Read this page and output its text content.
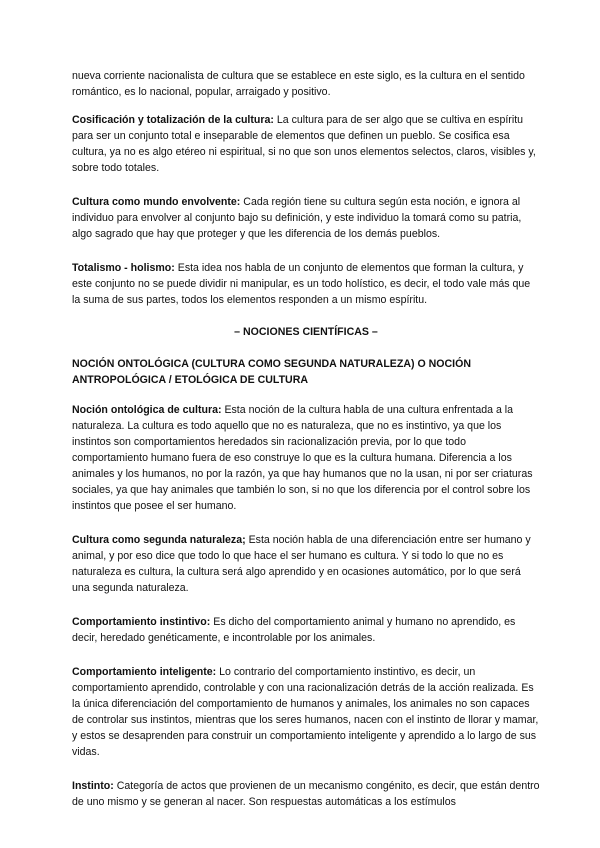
nueva corriente nacionalista de cultura que se establece en este siglo, es la cultura en el sentido romántico, es lo nacional, popular, arraigado y positivo.

Cosificación y totalización de la cultura: La cultura para de ser algo que se cultiva en espíritu para ser un conjunto total e inseparable de elementos que definen un pueblo. Se cosifica esa cultura, ya no es algo etéreo ni espiritual, si no que son unos elementos selectos, claros, visibles y, sobre todo totales.

Cultura como mundo envolvente: Cada región tiene su cultura según esta noción, e ignora al individuo para envolver al conjunto bajo su definición, y este individuo la tomará como su patria, algo sagrado que hay que proteger y que les diferencia de los demás pueblos.

Totalismo - holismo: Esta idea nos habla de un conjunto de elementos que forman la cultura, y este conjunto no se puede dividir ni manipular, es un todo holístico, es decir, el todo vale más que la suma de sus partes, todos los elementos responden a un mismo espíritu.

– NOCIONES CIENTÍFICAS –
NOCIÓN ONTOLÓGICA (CULTURA COMO SEGUNDA NATURALEZA) O NOCIÓN ANTROPOLÓGICA / ETOLÓGICA DE CULTURA

Noción ontológica de cultura: Esta noción de la cultura habla de una cultura enfrentada a la naturaleza. La cultura es todo aquello que no es naturaleza, que no es instintivo, ya que los instintos son comportamientos heredados sin racionalización previa, por lo que todo comportamiento humano fuera de eso construye lo que es la cultura humana. Diferencia a los animales y los humanos, no por la razón, ya que hay humanos que no la usan, ni por ser criaturas sociales, ya que hay animales que también lo son, si no que los diferencia por el control sobre los instintos que posee el ser humano.

Cultura como segunda naturaleza; Esta noción habla de una diferenciación entre ser humano y animal, y por eso dice que todo lo que hace el ser humano es cultura. Y si todo lo que no es naturaleza es cultura, la cultura será algo aprendido y en ocasiones automático, por lo que será una segunda naturaleza.

Comportamiento instintivo: Es dicho del comportamiento animal y humano no aprendido, es decir, heredado genéticamente, e incontrolable por los animales.

Comportamiento inteligente: Lo contrario del comportamiento instintivo, es decir, un comportamiento aprendido, controlable y con una racionalización detrás de la acción realizada. Es la única diferenciación del comportamiento de humanos y animales, los animales no son capaces de controlar sus instintos, mientras que los seres humanos, nacen con el instinto de llorar y mamar, y estos se desaprenden para construir un comportamiento inteligente y aprendido a lo largo de sus vidas.

Instinto: Categoría de actos que provienen de un mecanismo congénito, es decir, que están dentro de uno mismo y se generan al nacer. Son respuestas automáticas a los estímulos
